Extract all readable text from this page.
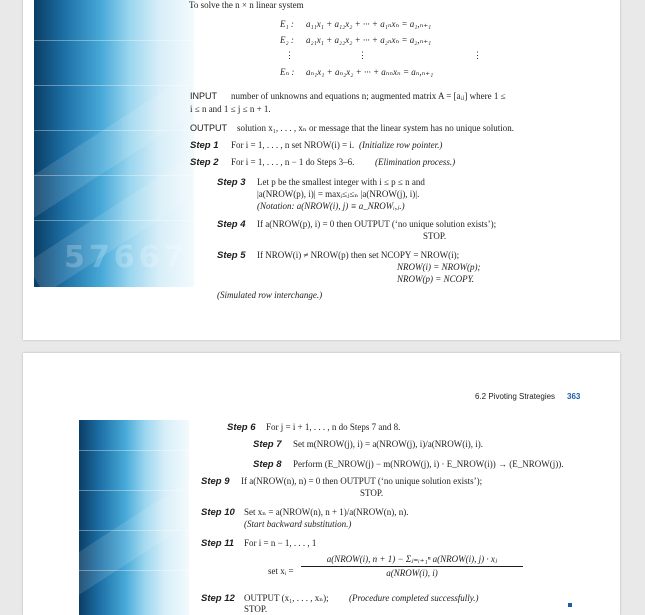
57667
To solve the n × n linear system
E₁ : a₁₁x₁ + a₁₂x₂ + ··· + a₁ₙxₙ = a₁,ₙ₊₁
E₂ : a₂₁x₁ + a₂₂x₂ + ··· + a₂ₙxₙ = a₂,ₙ₊₁
⋮	⋮	⋮
Eₙ : aₙ₁x₁ + aₙ₂x₂ + ··· + aₙₙxₙ = aₙ,ₙ₊₁
INPUT number of unknowns and equations n; augmented matrix A = [aᵢⱼ] where 1 ≤
i ≤ n and 1 ≤ j ≤ n + 1.
OUTPUT solution x₁, . . . , xₙ or message that the linear system has no unique solution.
Step 1 For i = 1, . . . , n set NROW(i) = i. (Initialize row pointer.)
Step 2 For i = 1, . . . , n − 1 do Steps 3–6. (Elimination process.)
Step 3 Let p be the smallest integer with i ≤ p ≤ n and
|a(NROW(p), i)| = maxᵢ≤ⱼ≤ₙ |a(NROW(j), i)|.
(Notation: a(NROW(i), j) ≡ a_NROWᵢ,ⱼ.)
Step 4 If a(NROW(p), i) = 0 then OUTPUT (‘no unique solution exists’);
STOP.
Step 5 If NROW(i) ≠ NROW(p) then set NCOPY = NROW(i);
NROW(i) = NROW(p);
NROW(p) = NCOPY.
(Simulated row interchange.)
6.2 Pivoting Strategies 363
Step 6 For j = i + 1, . . . , n do Steps 7 and 8.
Step 7 Set m(NROW(j), i) = a(NROW(j), i)/a(NROW(i), i).
Step 8 Perform (E_NROW(j) − m(NROW(j), i) · E_NROW(i)) → (E_NROW(j)).
Step 9 If a(NROW(n), n) = 0 then OUTPUT (‘no unique solution exists’);
STOP.
Step 10 Set xₙ = a(NROW(n), n + 1)/a(NROW(n), n).
(Start backward substitution.)
Step 11 For i = n − 1, . . . , 1
set xᵢ =
a(NROW(i), n + 1) − Σⱼ₌ᵢ₊₁ⁿ a(NROW(i), j) · xⱼ
a(NROW(i), i)
Step 12 OUTPUT (x₁, . . . , xₙ); (Procedure completed successfully.)
STOP.
